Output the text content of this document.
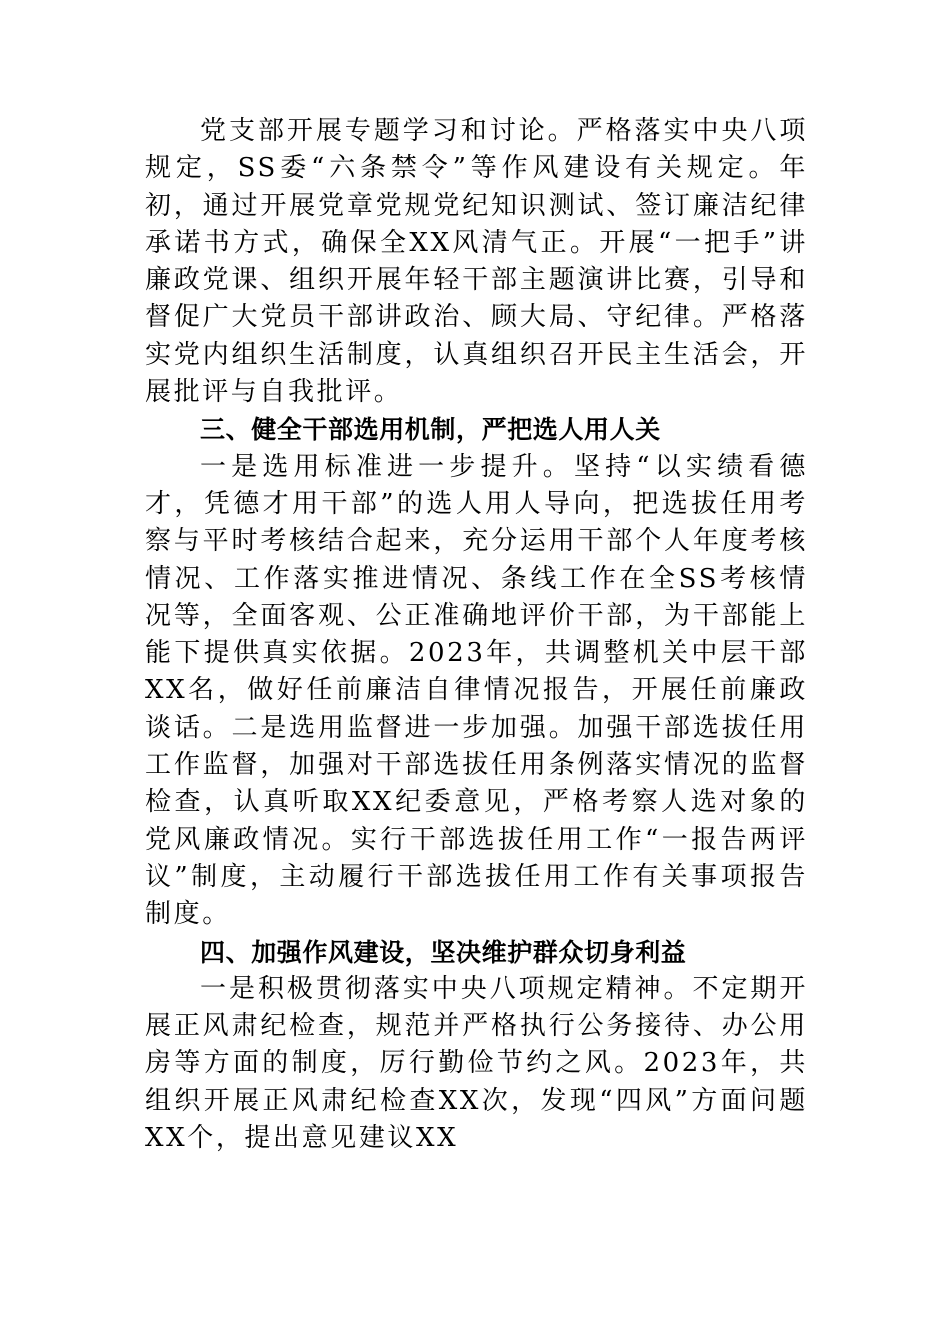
党支部开展专题学习和讨论。严格落实中央八项规定，SS委“六条禁令”等作风建设有关规定。年初，通过开展党章党规党纪知识测试、签订廉洁纪律承诺书方式，确保全XX风清气正。开展“一把手”讲廉政党课、组织开展年轻干部主题演讲比赛，引导和督促广大党员干部讲政治、顾大局、守纪律。严格落实党内组织生活制度，认真组织召开民主生活会，开展批评与自我批评。

三、健全干部选用机制，严把选人用人关

一是选用标准进一步提升。坚持“以实绩看德才，凭德才用干部”的选人用人导向，把选拔任用考察与平时考核结合起来，充分运用干部个人年度考核情况、工作落实推进情况、条线工作在全SS考核情况等，全面客观、公正准确地评价干部，为干部能上能下提供真实依据。2023年，共调整机关中层干部XX名，做好任前廉洁自律情况报告，开展任前廉政谈话。二是选用监督进一步加强。加强干部选拔任用工作监督，加强对干部选拔任用条例落实情况的监督检查，认真听取XX纪委意见，严格考察人选对象的党风廉政情况。实行干部选拔任用工作“一报告两评议”制度，主动履行干部选拔任用工作有关事项报告制度。

四、加强作风建设，坚决维护群众切身利益

一是积极贯彻落实中央八项规定精神。不定期开展正风肃纪检查，规范并严格执行公务接待、办公用房等方面的制度，厉行勤俭节约之风。2023年，共组织开展正风肃纪检查XX次，发现“四风”方面问题XX个，提出意见建议XX
